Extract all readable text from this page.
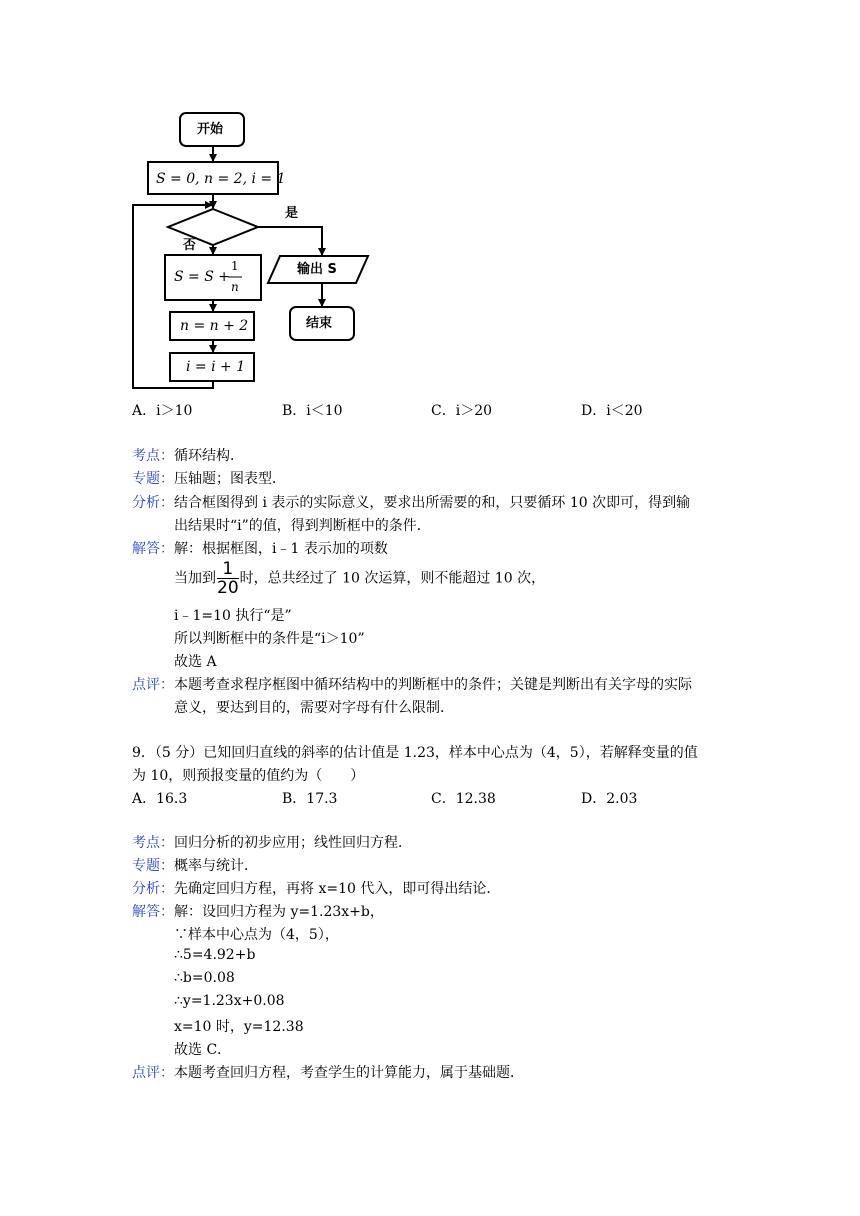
开始
S = 0, n = 2, i = 1
是
否
S = S +
1
n
n = n + 2
i = i + 1
输出 S
结束
A．i＞10	B．i＜10	C．i＞20	D．i＜20
考点：循环结构．
专题：压轴题；图表型．
分析：结合框图得到 i 表示的实际意义，要求出所需要的和，只要循环 10 次即可，得到输
出结果时“i”的值，得到判断框中的条件．
解答：解：根据框图，i﹣1 表示加的项数
当加到 $\frac{1}{20}$ 时，总共经过了 10 次运算，则不能超过 10 次，
i﹣1=10 执行“是”
所以判断框中的条件是“i＞10”
故选 A
点评：本题考查求程序框图中循环结构中的判断框中的条件；关键是判断出有关字母的实际
意义，要达到目的，需要对字母有什么限制．
9．（5 分）已知回归直线的斜率的估计值是 1.23，样本中心点为（4，5），若解释变量的值
为 10，则预报变量的值约为（　　）
A．16.3	B．17.3	C．12.38	D．2.03
考点：回归分析的初步应用；线性回归方程．
专题：概率与统计．
分析：先确定回归方程，再将 x=10 代入，即可得出结论．
解答：解：设回归方程为 y=1.23x+b，
∵样本中心点为（4，5），
∴5=4.92+b
∴b=0.08
∴y=1.23x+0.08
x=10 时，y=12.38
故选 C．
点评：本题考查回归方程，考查学生的计算能力，属于基础题．
